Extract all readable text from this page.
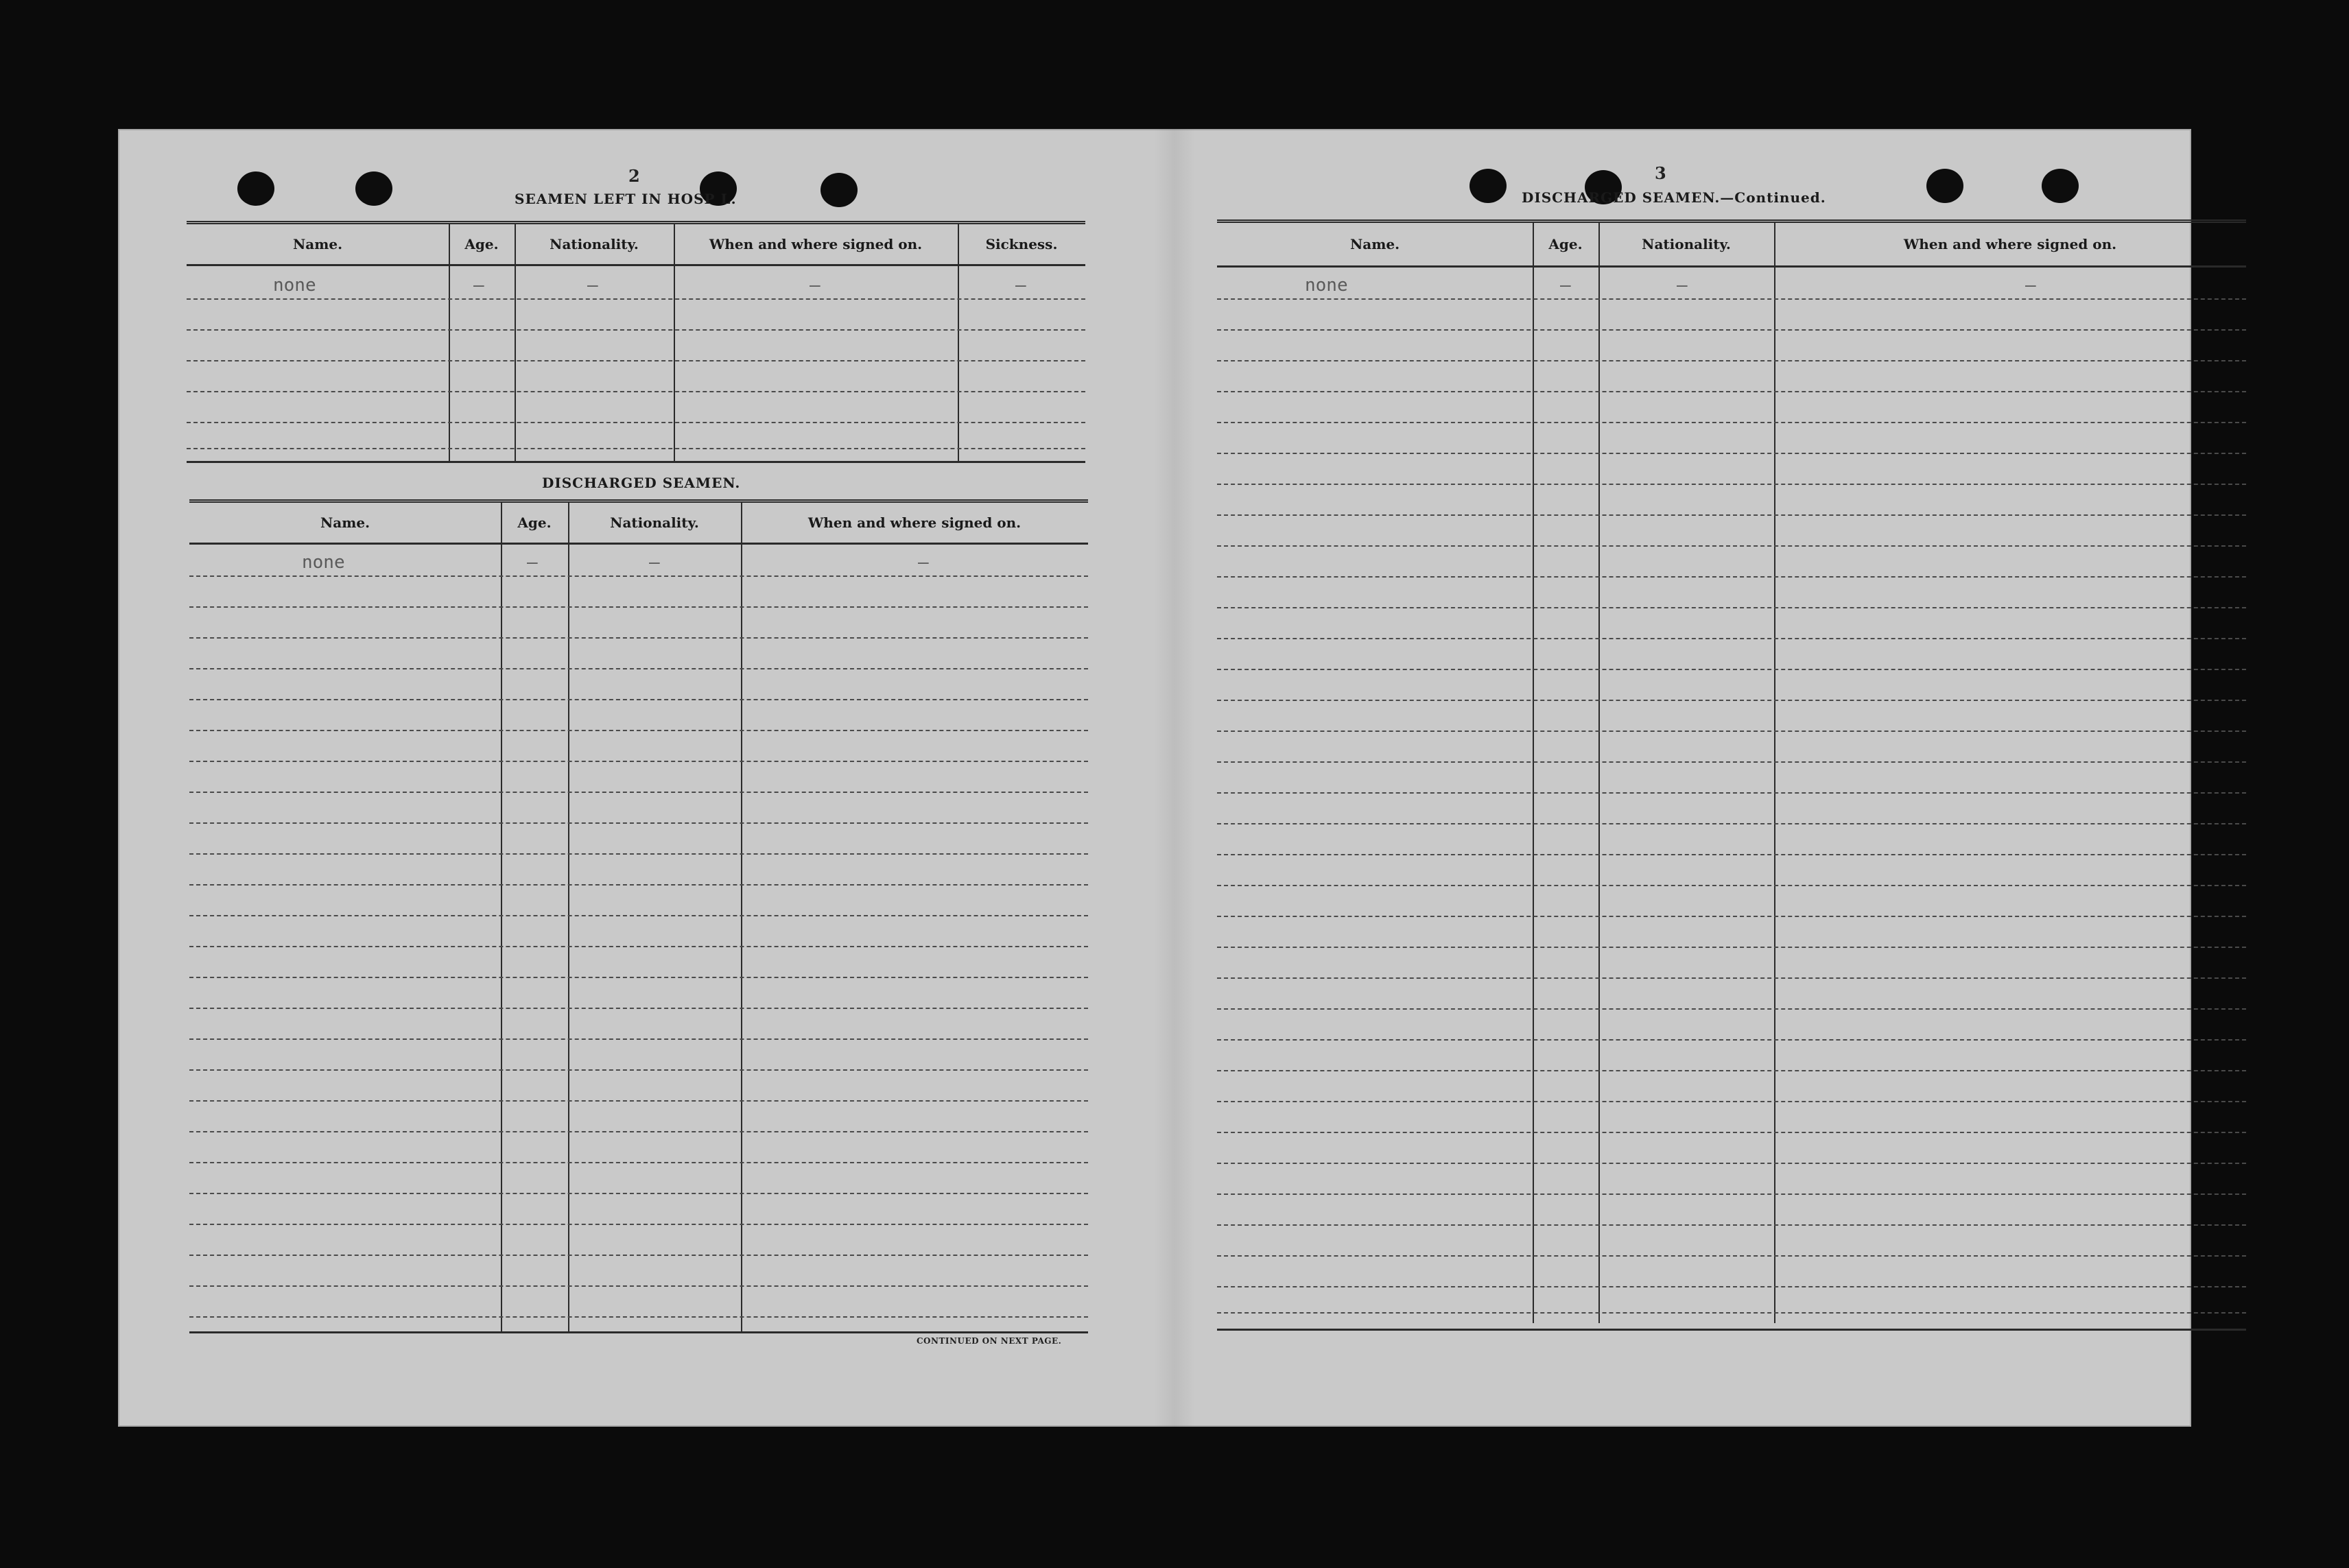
2
SEAMEN LEFT IN HOSP L.
Name.	Age.	Nationality.	When and where signed on.	Sickness.
none	–	–	–	–
DISCHARGED SEAMEN.
Name.	Age.	Nationality.	When and where signed on.
none	–	–	–
CONTINUED ON NEXT PAGE.
3
DISCHARGED SEAMEN.—Continued.
Name.	Age.	Nationality.	When and where signed on.
none	–	–	–
